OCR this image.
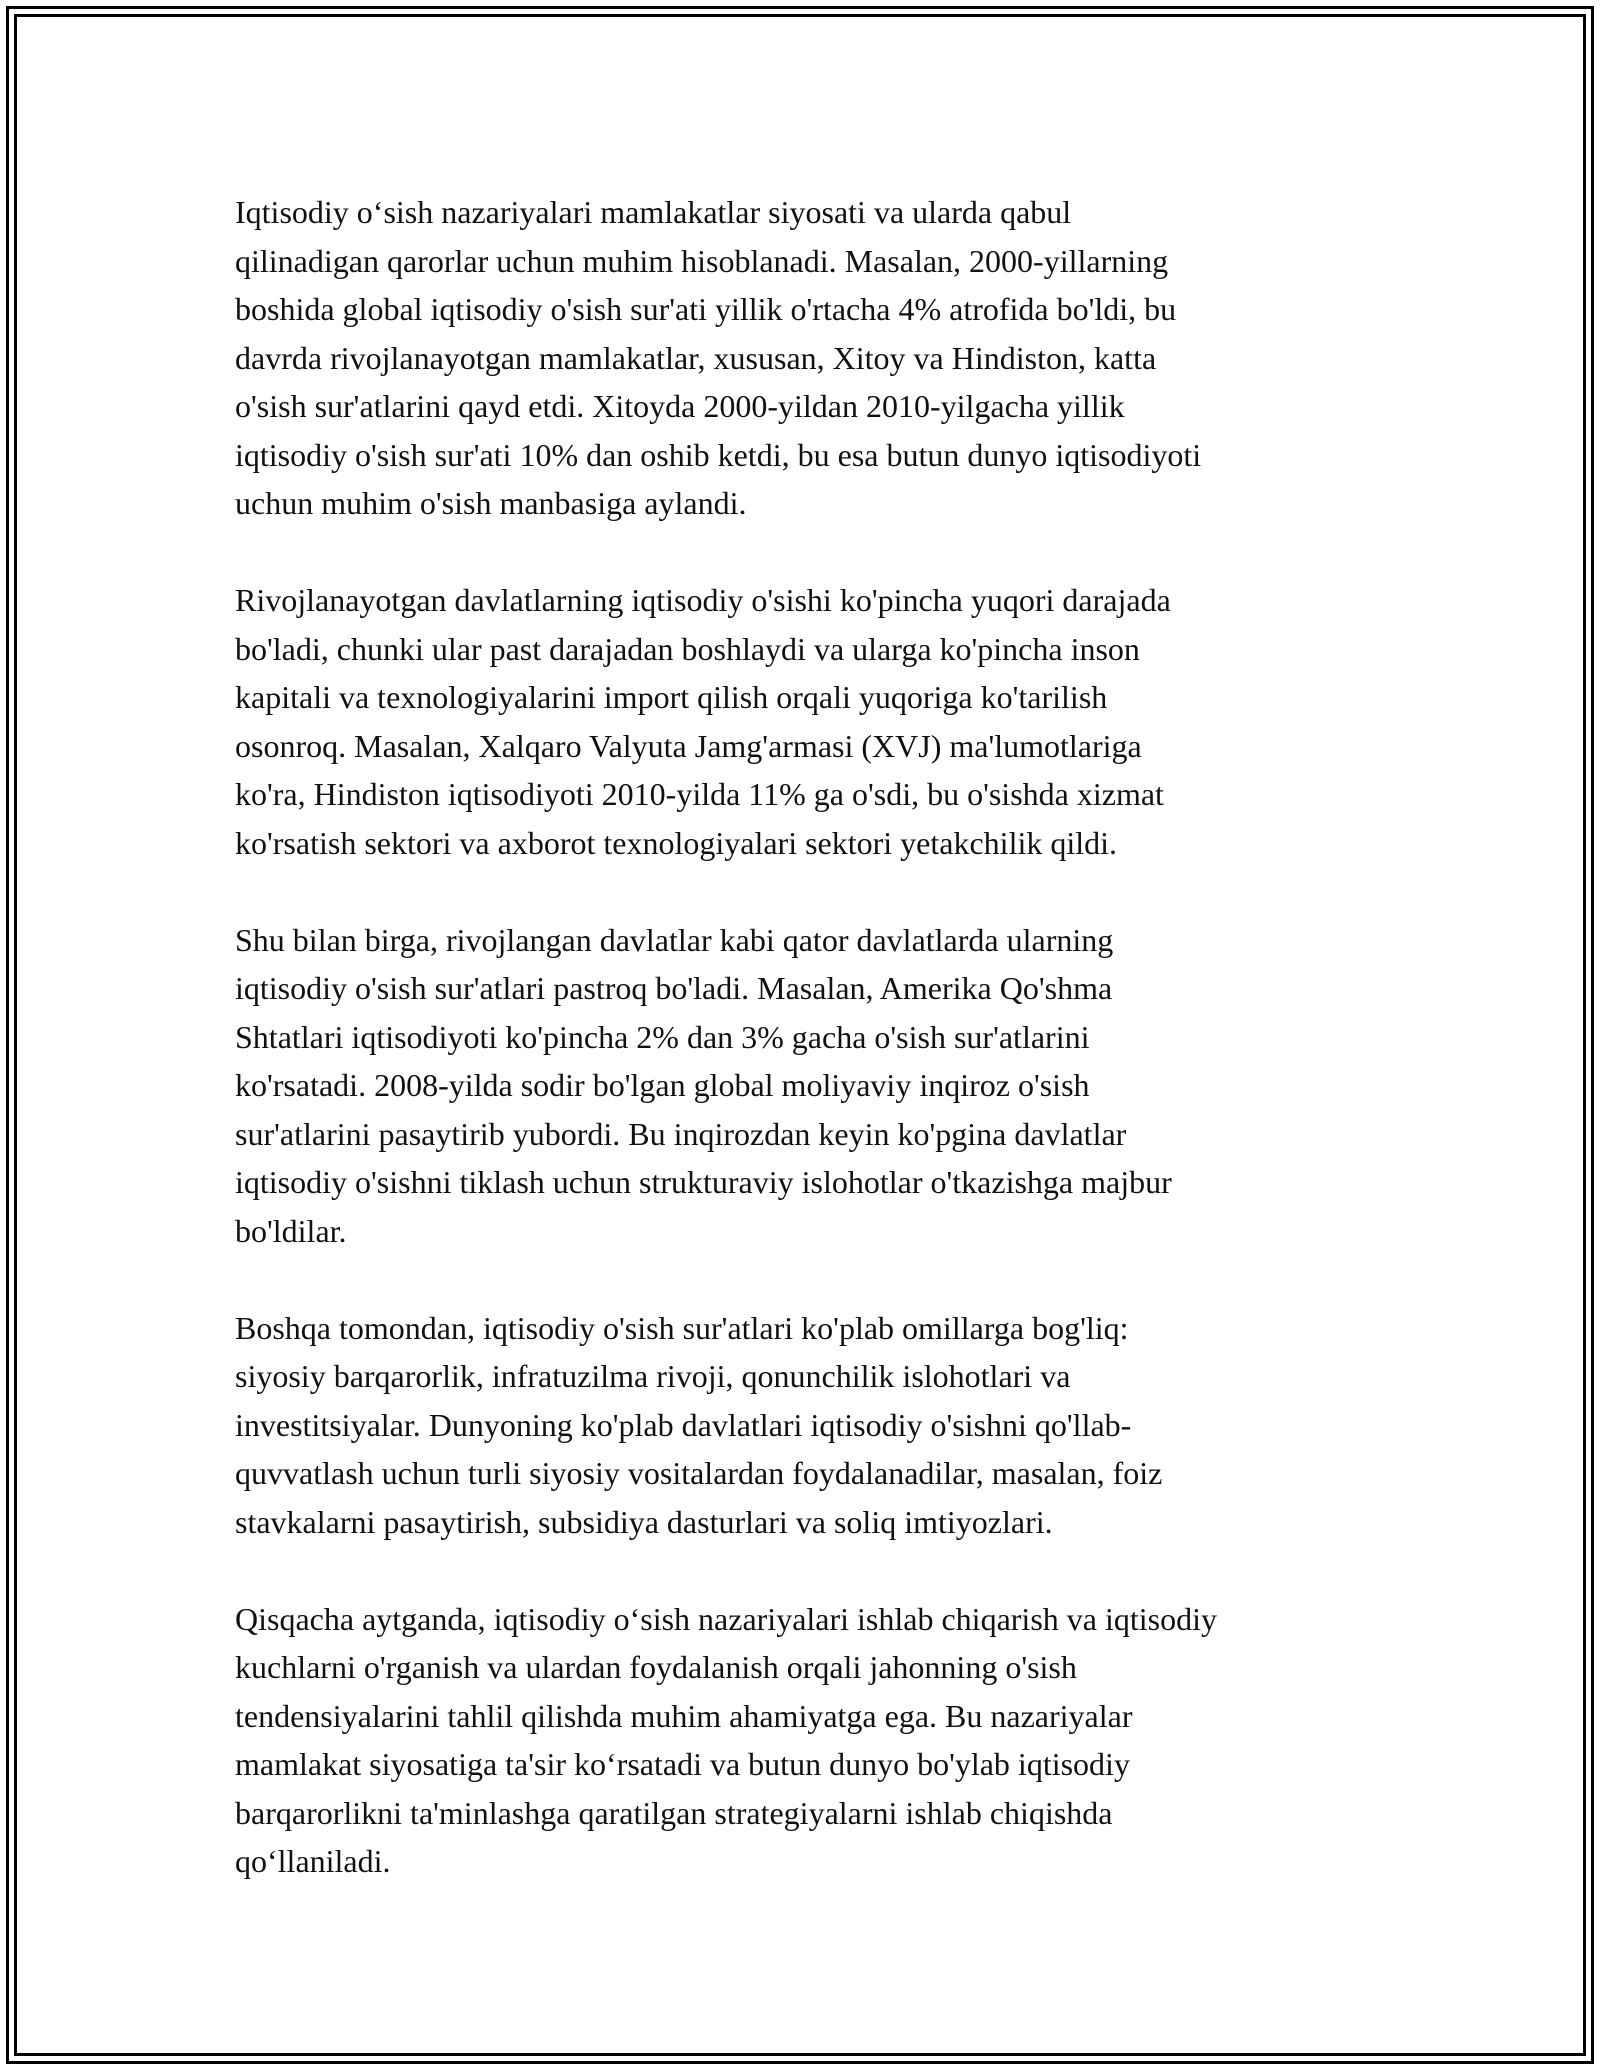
Iqtisodiy o‘sish nazariyalari mamlakatlar siyosati va ularda qabul
qilinadigan qarorlar uchun muhim hisoblanadi. Masalan, 2000-yillarning
boshida global iqtisodiy o'sish sur'ati yillik o'rtacha 4% atrofida bo'ldi, bu
davrda rivojlanayotgan mamlakatlar, xususan, Xitoy va Hindiston, katta
o'sish sur'atlarini qayd etdi. Xitoyda 2000-yildan 2010-yilgacha yillik
iqtisodiy o'sish sur'ati 10% dan oshib ketdi, bu esa butun dunyo iqtisodiyoti
uchun muhim o'sish manbasiga aylandi.

Rivojlanayotgan davlatlarning iqtisodiy o'sishi ko'pincha yuqori darajada
bo'ladi, chunki ular past darajadan boshlaydi va ularga ko'pincha inson
kapitali va texnologiyalarini import qilish orqali yuqoriga ko'tarilish
osonroq. Masalan, Xalqaro Valyuta Jamg'armasi (XVJ) ma'lumotlariga
ko'ra, Hindiston iqtisodiyoti 2010-yilda 11% ga o'sdi, bu o'sishda xizmat
ko'rsatish sektori va axborot texnologiyalari sektori yetakchilik qildi.

Shu bilan birga, rivojlangan davlatlar kabi qator davlatlarda ularning
iqtisodiy o'sish sur'atlari pastroq bo'ladi. Masalan, Amerika Qo'shma
Shtatlari iqtisodiyoti ko'pincha 2% dan 3% gacha o'sish sur'atlarini
ko'rsatadi. 2008-yilda sodir bo'lgan global moliyaviy inqiroz o'sish
sur'atlarini pasaytirib yubordi. Bu inqirozdan keyin ko'pgina davlatlar
iqtisodiy o'sishni tiklash uchun strukturaviy islohotlar o'tkazishga majbur
bo'ldilar.

Boshqa tomondan, iqtisodiy o'sish sur'atlari ko'plab omillarga bog'liq:
siyosiy barqarorlik, infratuzilma rivoji, qonunchilik islohotlari va
investitsiyalar. Dunyoning ko'plab davlatlari iqtisodiy o'sishni qo'llab-
quvvatlash uchun turli siyosiy vositalardan foydalanadilar, masalan, foiz
stavkalarni pasaytirish, subsidiya dasturlari va soliq imtiyozlari.

Qisqacha aytganda, iqtisodiy o‘sish nazariyalari ishlab chiqarish va iqtisodiy
kuchlarni o'rganish va ulardan foydalanish orqali jahonning o'sish
tendensiyalarini tahlil qilishda muhim ahamiyatga ega. Bu nazariyalar
mamlakat siyosatiga ta'sir ko‘rsatadi va butun dunyo bo'ylab iqtisodiy
barqarorlikni ta'minlashga qaratilgan strategiyalarni ishlab chiqishda
qo‘llaniladi.
